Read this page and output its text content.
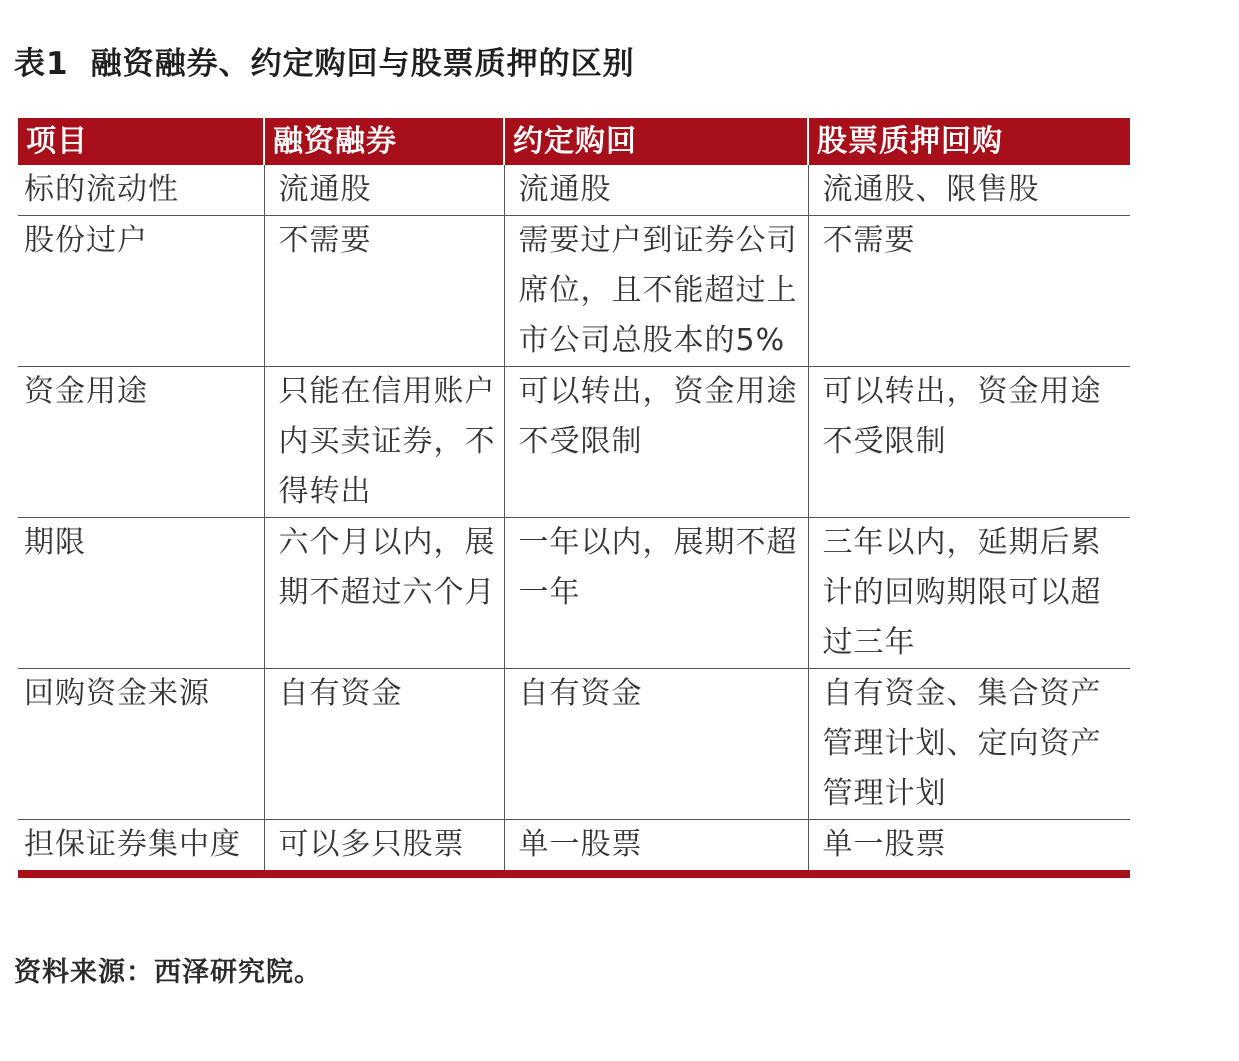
表1 融资融券、约定购回与股票质押的区别
项目	融资融券	约定购回	股票质押回购
标的流动性	流通股	流通股	流通股、限售股
股份过户	不需要	需要过户到证券公司席位，且不能超过上市公司总股本的5%	不需要
资金用途	只能在信用账户内买卖证券，不得转出	可以转出，资金用途不受限制	可以转出，资金用途不受限制
期限	六个月以内，展期不超过六个月	一年以内，展期不超一年	三年以内，延期后累计的回购期限可以超过三年
回购资金来源	自有资金	自有资金	自有资金、集合资产管理计划、定向资产管理计划
担保证券集中度	可以多只股票	单一股票	单一股票
资料来源：西泽研究院。
